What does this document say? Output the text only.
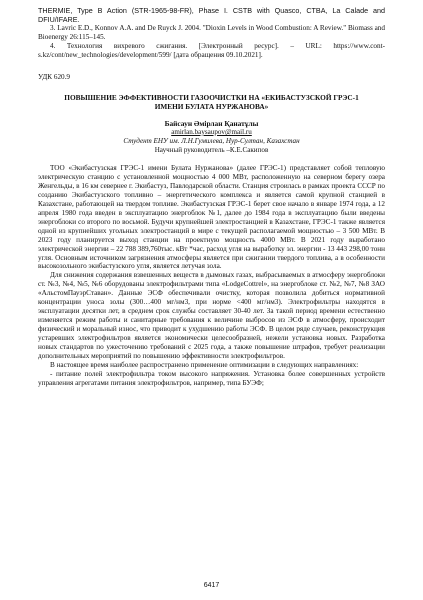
THERMIE, Type B Action (STR-1965-98-FR), Phase I. CSTB with Quasco, CTBA, La Calade and DFIU/IFARE.

3. Lavric E.D., Konnov A.A. and De Ruyck J. 2004. "Dioxin Levels in Wood Combustion: A Review." Biomass and Bioenergy 26:115–145.

4. Технология вихревого сжигания. [Электронный ресурс]. – URL: https://www.cont-s.kz/cont/new_technologies/development/599/ [дата обращения 09.10.2021].

УДК 620.9
ПОВЫШЕНИЕ ЭФФЕКТИВНОСТИ ГАЗООЧИСТКИ НА «ЕКИБАСТУЗСКОЙ ГРЭС-1 ИМЕНИ БУЛАТА НУРЖАНОВА»
Байсаун Әмірлан Қанатұлы
amirlan.baysaupov@mail.ru
Студент ЕНУ им. Л.Н.Гумилева, Нур-Султан, Казахстан
Научный руководитель –К.Е.Сакипов

ТОО «Экибастузская ГРЭС-1 имени Булата Нуржанова» (далее ГРЭС-1) представляет собой тепловую электрическую станцию с установленной мощностью 4 000 МВт, расположенную на северном берегу озера Женгельды, в 16 км севернее г. Экибастуз, Павлодарской области. Станция строилась в рамках проекта СССР по созданию Экибастузского топливно – энергетического комплекса и является самой крупной станцией в Казахстане, работающей на твердом топливе. Экибастузская ГРЭС-1 берет свое начало в январе 1974 года, а 12 апреля 1980 года введен в эксплуатацию энергоблок №1, далее до 1984 года в эксплуатацию были введены энергоблоки со второго по восьмой. Будучи крупнейшей электростанцией в Казахстане, ГРЭС-1 также является одной из крупнейших угольных электростанций в мире с текущей располагаемой мощностью – 3 500 МВт. В 2023 году планируется выход станции на проектную мощность 4000 МВт. В 2021 году выработано электрической энергии – 22 788 389,760тыс. кВт *час, расход угля на выработку эл. энергии - 13 443 298,00 тонн угля. Основным источником загрязнения атмосферы является при сжигании твердого топлива, а в особенности высокозольного экибастузского угля, является летучая зола.

Для снижения содержания взвешенных веществ в дымовых газах, выбрасываемых в атмосферу энергоблоки ст. №3, №4, №5, №6 оборудованы электрофильтрами типа «LodgeCottrel», на энергоблоке ст. №2, №7, №8 ЗАО «АльстомПауэрСтаван». Данные ЭСФ обеспечивали очистку, которая позволила добиться нормативной концентрации уноса золы (300…400 мг/нм3, при норме <400 мг/нм3). Электрофильтры находятся в эксплуатации десятки лет, в среднем срок службы составляет 30-40 лет. За такой период времени естественно изменяется режим работы и санитарные требования к величине выбросов из ЭСФ в атмосферу, происходит физический и моральный износ, что приводит к ухудшению работы ЭСФ. В целом ряде случаев, реконструкция устаревших электрофильтров является экономически целесообразней, нежели установка новых. Разработка новых стандартов по ужесточению требований с 2025 года, а также повышение штрафов, требует реализации дополнительных мероприятий по повышению эффективности электрофильтров.

В настоящее время наиболее распространено применение оптимизации в следующих направлениях:

- питание полей электрофильтра током высокого напряжения. Установка более совершенных устройств управления агрегатами питания электрофильтров, например, типа БУЭФ;

6417
